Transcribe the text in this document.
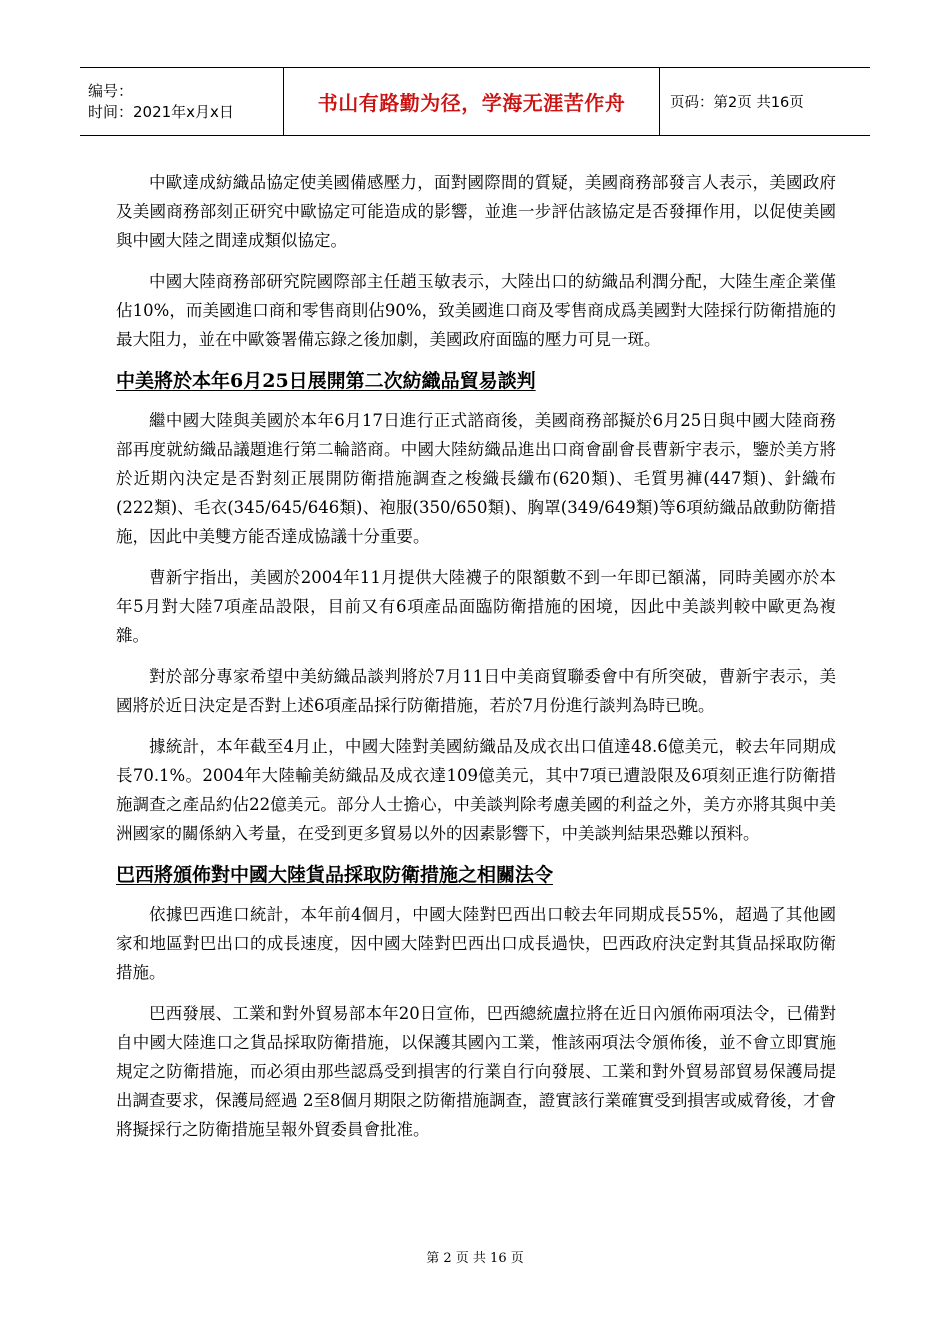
编号：
时间：2021年x月x日	书山有路勤为径，学海无涯苦作舟	页码：第2页 共16页

中歐達成紡織品協定使美國備感壓力，面對國際間的質疑，美國商務部發言人表示，美國政府及美國商務部刻正研究中歐協定可能造成的影響，並進一步評估該協定是否發揮作用，以促使美國與中國大陸之間達成類似協定。

中國大陸商務部研究院國際部主任趙玉敏表示，大陸出口的紡織品利潤分配，大陸生產企業僅佔10%，而美國進口商和零售商則佔90%，致美國進口商及零售商成爲美國對大陸採行防衛措施的最大阻力，並在中歐簽署備忘錄之後加劇，美國政府面臨的壓力可見一斑。

中美將於本年6月25日展開第二次紡織品貿易談判

繼中國大陸與美國於本年6月17日進行正式諮商後，美國商務部擬於6月25日與中國大陸商務部再度就紡織品議題進行第二輪諮商。中國大陸紡織品進出口商會副會長曹新宇表示，鑒於美方將於近期內決定是否對刻正展開防衛措施調查之梭織長纖布(620類)、毛質男褲(447類)、針織布(222類)、毛衣(345/645/646類)、袍服(350/650類)、胸罩(349/649類)等6項紡織品啟動防衛措施，因此中美雙方能否達成協議十分重要。

曹新宇指出，美國於2004年11月提供大陸襪子的限額數不到一年即已額滿，同時美國亦於本年5月對大陸7項產品設限，目前又有6項產品面臨防衛措施的困境，因此中美談判較中歐更為複雜。

對於部分專家希望中美紡織品談判將於7月11日中美商貿聯委會中有所突破，曹新宇表示，美國將於近日決定是否對上述6項產品採行防衛措施，若於7月份進行談判為時已晚。

據統計，本年截至4月止，中國大陸對美國紡織品及成衣出口值達48.6億美元，較去年同期成長70.1%。2004年大陸輸美紡織品及成衣達109億美元，其中7項已遭設限及6項刻正進行防衛措施調查之產品約佔22億美元。部分人士擔心，中美談判除考慮美國的利益之外，美方亦將其與中美洲國家的關係納入考量，在受到更多貿易以外的因素影響下，中美談判結果恐難以預料。

巴西將頒佈對中國大陸貨品採取防衛措施之相關法令

依據巴西進口統計，本年前4個月，中國大陸對巴西出口較去年同期成長55%，超過了其他國家和地區對巴出口的成長速度，因中國大陸對巴西出口成長過快，巴西政府決定對其貨品採取防衛措施。

巴西發展、工業和對外貿易部本年20日宣佈，巴西總統盧拉將在近日內頒佈兩項法令，已備對自中國大陸進口之貨品採取防衛措施，以保護其國內工業，惟該兩項法令頒佈後，並不會立即實施規定之防衛措施，而必須由那些認爲受到損害的行業自行向發展、工業和對外貿易部貿易保護局提出調查要求，保護局經過 2至8個月期限之防衛措施調查，證實該行業確實受到損害或威脅後，才會將擬採行之防衛措施呈報外貿委員會批准。

第 2 页 共 16 页
